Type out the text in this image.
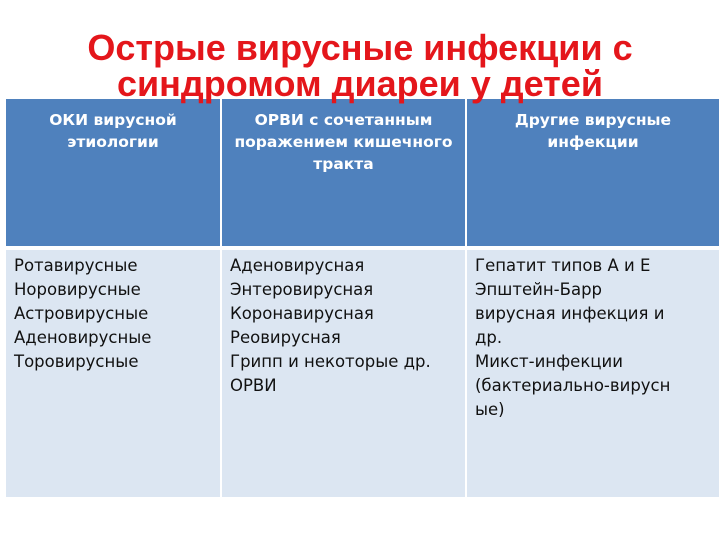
Острые вирусные инфекции с
синдромом диареи у детей
ОКИ вирусной этиологии
ОРВИ с сочетанным поражением кишечного тракта
Другие вирусные инфекции
Ротавирусные
Норовирусные
Астровирусные
Аденовирусные
Торовирусные
Аденовирусная
Энтеровирусная
Коронавирусная
Реовирусная
Грипп и некоторые др.
ОРВИ
Гепатит типов А и Е
Эпштейн-Барр
вирусная инфекция и
др.
Микст-инфекции
(бактериально-вирусн
ые)
